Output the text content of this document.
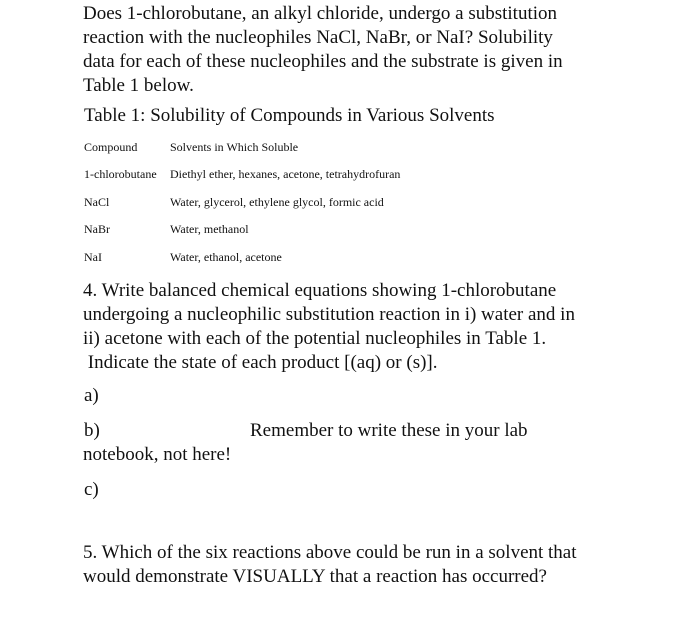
Does 1-chlorobutane, an alkyl chloride, undergo a substitution
reaction with the nucleophiles NaCl, NaBr, or NaI? Solubility
data for each of these nucleophiles and the substrate is given in
Table 1 below.
Table 1: Solubility of Compounds in Various Solvents
Compound	Solvents in Which Soluble
1-chlorobutane Diethyl ether, hexanes, acetone, tetrahydrofuran
NaCl	Water, glycerol, ethylene glycol, formic acid
NaBr	Water, methanol
NaI	Water, ethanol, acetone
4. Write balanced chemical equations showing 1-chlorobutane
undergoing a nucleophilic substitution reaction in i) water and in
ii) acetone with each of the potential nucleophiles in Table 1.
Indicate the state of each product [(aq) or (s)].
a)
b)	Remember to write these in your lab
notebook, not here!
c)
5. Which of the six reactions above could be run in a solvent that
would demonstrate VISUALLY that a reaction has occurred?
